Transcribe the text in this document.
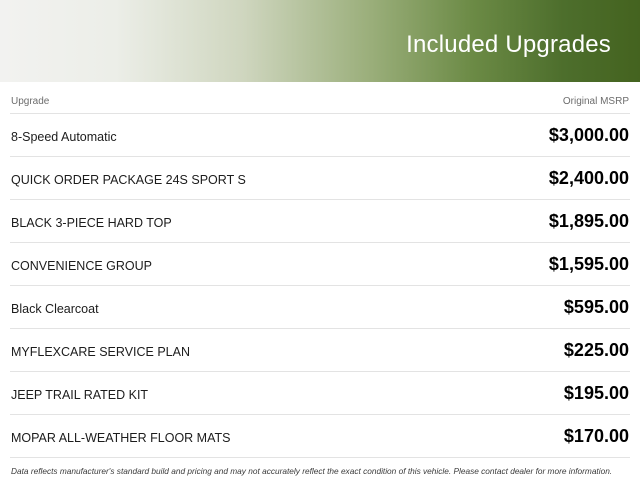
Included Upgrades
Upgrade	Original MSRP
8-Speed Automatic	$3,000.00
QUICK ORDER PACKAGE 24S SPORT S	$2,400.00
BLACK 3-PIECE HARD TOP	$1,895.00
CONVENIENCE GROUP	$1,595.00
Black Clearcoat	$595.00
MYFLEXCARE SERVICE PLAN	$225.00
JEEP TRAIL RATED KIT	$195.00
MOPAR ALL-WEATHER FLOOR MATS	$170.00
Data reflects manufacturer's standard build and pricing and may not accurately reflect the exact condition of this vehicle. Please contact dealer for more information.
